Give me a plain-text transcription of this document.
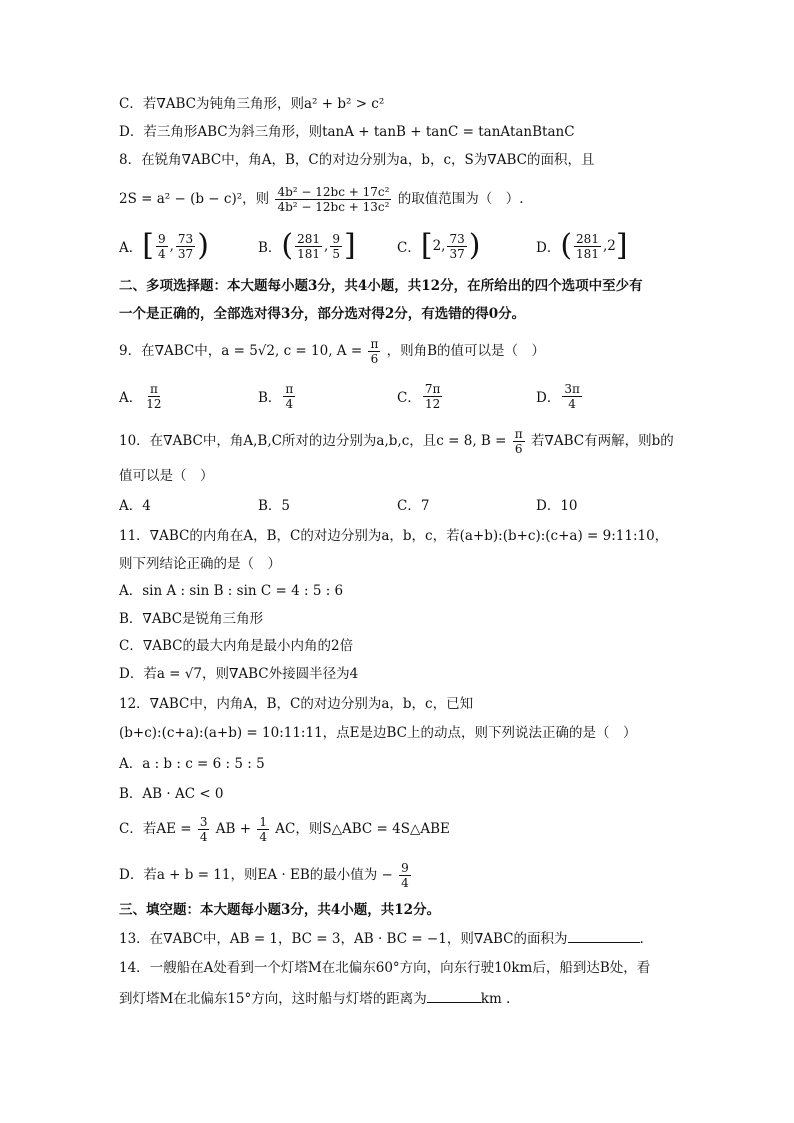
C．若∇ABC为钝角三角形，则a² + b² > c²
D．若三角形ABC为斜三角形，则tanA + tanB + tanC = tanAtanBtanC
8．在锐角∇ABC中，角A，B，C的对边分别为a，b，c，S为∇ABC的面积，且
2S = a² − (b − c)²，则 $\frac{\text{4b² − 12bc + 17c²}}{\text{4b² − 12bc + 13c²}}$ 的取值范围为（　）.
A． [ $\frac{9}{4}$ , $\frac{73}{37}$ )	B． ( $\frac{281}{181}$ , $\frac{9}{5}$ ]	C． [ 2, $\frac{73}{37}$ )	D． ( $\frac{281}{181} ,2$ ]
二、多项选择题：本大题每小题3分，共4小题，共12分，在所给出的四个选项中至少有
一个是正确的，全部选对得3分，部分选对得2分，有选错的得0分。
9．在∇ABC中，a = 5√2, c = 10, $A = \frac{\pi}{6}$ ，则角B的值可以是（　）
A． $\frac{\pi}{12}$	B． $\frac{\pi}{4}$	C． $\frac{7\pi}{12}$	D． $\frac{3\pi}{4}$
10．在∇ABC中，角A,B,C所对的边分别为a,b,c，且c = 8, $B = \frac{\pi}{6}$ 若∇ABC有两解，则b的
值可以是（　）
A．4	B．5	C．7	D．10
11．∇ABC的内角在A，B，C的对边分别为a，b，c，若(a+b):(b+c):(c+a) = 9:11:10，
则下列结论正确的是（　）
A．sin A : sin B : sin C = 4 : 5 : 6
B．∇ABC是锐角三角形
C．∇ABC的最大内角是最小内角的2倍
D．若a = √7，则∇ABC外接圆半径为4
12．∇ABC中，内角A，B，C的对边分别为a，b，c，已知
(b+c):(c+a):(a+b) = 10:11:11，点E是边BC上的动点，则下列说法正确的是（　）
A．a : b : c = 6 : 5 : 5
B．AB · AC < 0
C．若AE = $\frac{3}{4}$ AB + $\frac{1}{4}$ AC，则S△ABC = 4S△ABE
D．若a + b = 11，则EA · EB的最小值为 − $\frac{9}{4}$
三、填空题：本大题每小题3分，共4小题，共12分。
13．在∇ABC中，AB = 1，BC = 3，AB · BC = −1，则∇ABC的面积为	.
14．一艘船在A处看到一个灯塔M在北偏东60°方向，向东行驶10km后，船到达B处，看
到灯塔M在北偏东15°方向，这时船与灯塔的距离为	km .
